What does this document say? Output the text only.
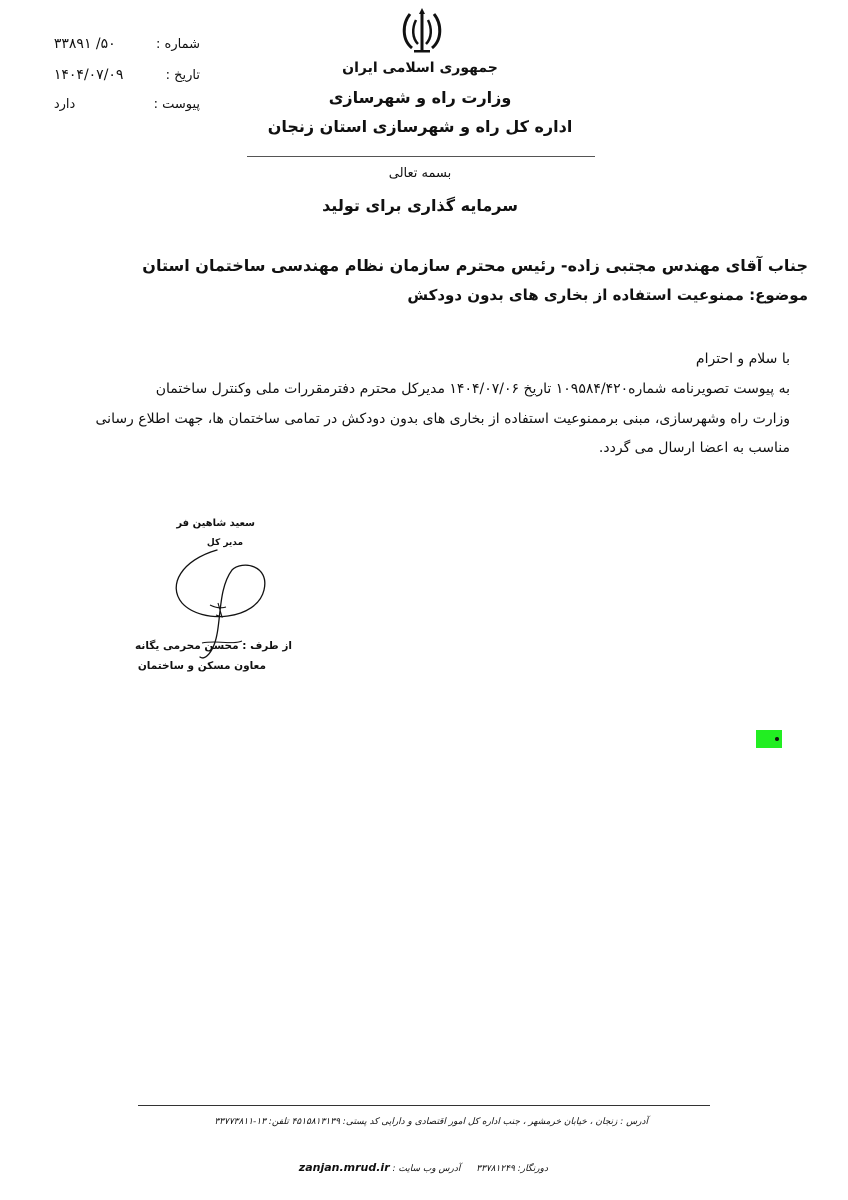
شماره : ۵۰/ ۳۳۸۹۱
تاریخ : ۱۴۰۴/۰۷/۰۹
پیوست : دارد
جمهوری اسلامی ایران
وزارت راه و شهرسازی
اداره کل راه و شهرسازی استان زنجان
بسمه تعالی
سرمایه گذاری برای تولید
جناب آقای مهندس مجتبی زاده- رئیس محترم سازمان نظام مهندسی ساختمان استان
موضوع: ممنوعیت استفاده از بخاری های بدون دودکش
با سلام و احترام
به پیوست تصویرنامه شماره۱۰۹۵۸۴/۴۲۰ تاریخ ۱۴۰۴/۰۷/۰۶ مدیرکل محترم دفترمقررات ملی وکنترل ساختمان
وزارت راه وشهرسازی، مبنی برممنوعیت استفاده از بخاری های بدون دودکش در تمامی ساختمان ها، جهت اطلاع رسانی
مناسب به اعضا ارسال می گردد.
سعید شاهین فر
مدیر کل
از طرف : محسن محرمی یگانه
معاون مسکن و ساختمان
آدرس : زنجان ، خیابان خرمشهر ، جنب اداره کل امور اقتصادی و دارایی کد پستی: ۴۵۱۵۸۱۳۱۳۹ تلفن: ۱۳-۳۳۷۷۳۸۱۱
دورنگار: ۳۳۷۸۱۲۴۹  آدرس وب سایت : zanjan.mrud.ir
